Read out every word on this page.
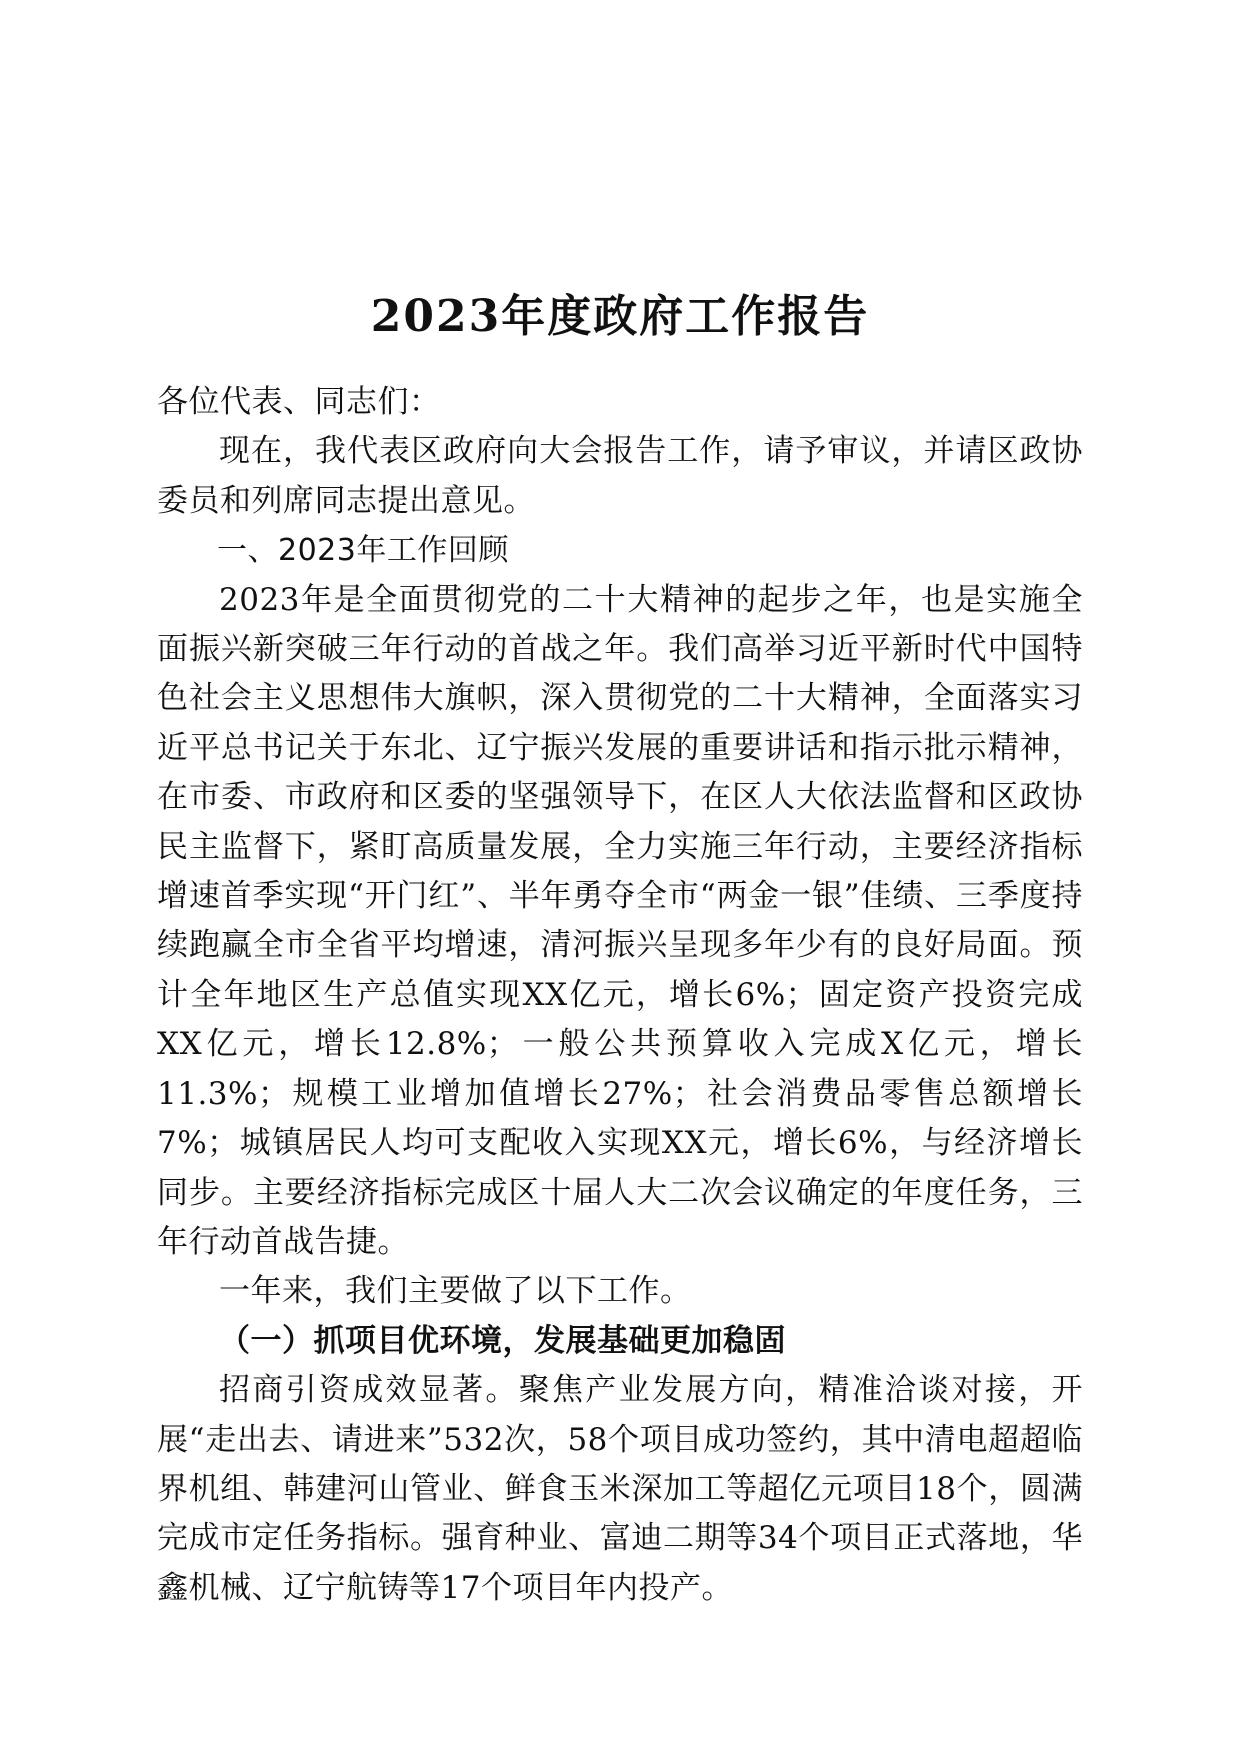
2023年度政府工作报告

各位代表、同志们：

现在，我代表区政府向大会报告工作，请予审议，并请区政协委员和列席同志提出意见。

一、2023年工作回顾

2023年是全面贯彻党的二十大精神的起步之年，也是实施全面振兴新突破三年行动的首战之年。我们高举习近平新时代中国特色社会主义思想伟大旗帜，深入贯彻党的二十大精神，全面落实习近平总书记关于东北、辽宁振兴发展的重要讲话和指示批示精神，在市委、市政府和区委的坚强领导下，在区人大依法监督和区政协民主监督下，紧盯高质量发展，全力实施三年行动，主要经济指标增速首季实现“开门红”、半年勇夺全市“两金一银”佳绩、三季度持续跑赢全市全省平均增速，清河振兴呈现多年少有的良好局面。预计全年地区生产总值实现XX亿元，增长6%；固定资产投资完成XX亿元，增长12.8%；一般公共预算收入完成X亿元，增长11.3%；规模工业增加值增长27%；社会消费品零售总额增长7%；城镇居民人均可支配收入实现XX元，增长6%，与经济增长同步。主要经济指标完成区十届人大二次会议确定的年度任务，三年行动首战告捷。

一年来，我们主要做了以下工作。

（一）抓项目优环境，发展基础更加稳固

招商引资成效显著。聚焦产业发展方向，精准洽谈对接，开展“走出去、请进来”532次，58个项目成功签约，其中清电超超临界机组、韩建河山管业、鲜食玉米深加工等超亿元项目18个，圆满完成市定任务指标。强育种业、富迪二期等34个项目正式落地，华鑫机械、辽宁航铸等17个项目年内投产。
